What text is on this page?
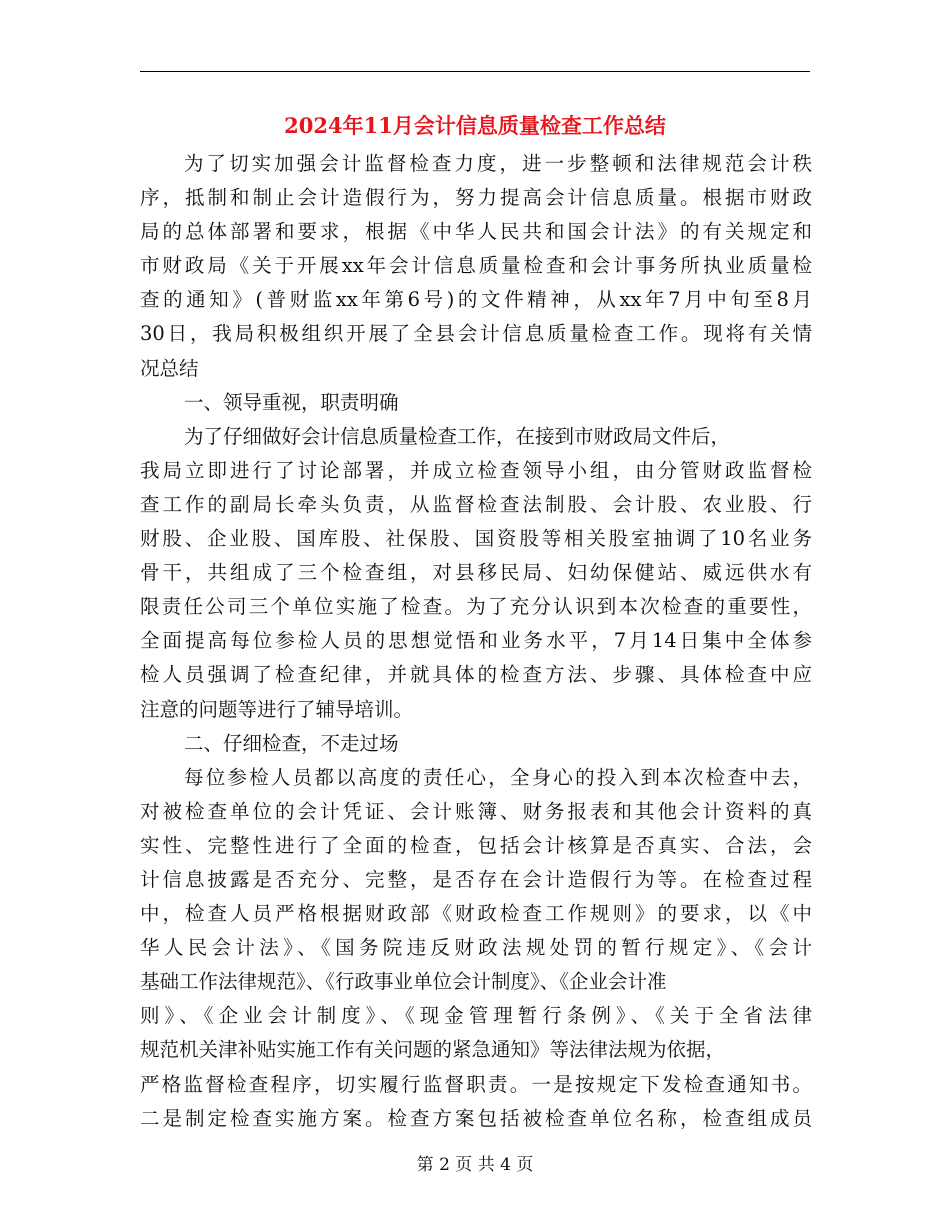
2024年11月会计信息质量检查工作总结
为了切实加强会计监督检查力度，进一步整顿和法律规范会计秩
序，抵制和制止会计造假行为，努力提高会计信息质量。根据市财政
局的总体部署和要求，根据《中华人民共和国会计法》的有关规定和
市财政局《关于开展xx年会计信息质量检查和会计事务所执业质量检
查的通知》(普财监xx年第6号)的文件精神，从xx年7月中旬至8月
30日，我局积极组织开展了全县会计信息质量检查工作。现将有关情
况总结
一、领导重视，职责明确
为了仔细做好会计信息质量检查工作，在接到市财政局文件后，
我局立即进行了讨论部署，并成立检查领导小组，由分管财政监督检
查工作的副局长牵头负责，从监督检查法制股、会计股、农业股、行
财股、企业股、国库股、社保股、国资股等相关股室抽调了10名业务
骨干，共组成了三个检查组，对县移民局、妇幼保健站、威远供水有
限责任公司三个单位实施了检查。为了充分认识到本次检查的重要性，
全面提高每位参检人员的思想觉悟和业务水平，7月14日集中全体参
检人员强调了检查纪律，并就具体的检查方法、步骤、具体检查中应
注意的问题等进行了辅导培训。
二、仔细检查，不走过场
每位参检人员都以高度的责任心，全身心的投入到本次检查中去，
对被检查单位的会计凭证、会计账簿、财务报表和其他会计资料的真
实性、完整性进行了全面的检查，包括会计核算是否真实、合法，会
计信息披露是否充分、完整，是否存在会计造假行为等。在检查过程
中，检查人员严格根据财政部《财政检查工作规则》的要求，以《中
华人民会计法》、《国务院违反财政法规处罚的暂行规定》、《会计
基础工作法律规范》、《行政事业单位会计制度》、《企业会计准
则》、《企业会计制度》、《现金管理暂行条例》、《关于全省法律
规范机关津补贴实施工作有关问题的紧急通知》等法律法规为依据，
严格监督检查程序，切实履行监督职责。一是按规定下发检查通知书。
二是制定检查实施方案。检查方案包括被检查单位名称，检查组成员
第 2 页 共 4 页
